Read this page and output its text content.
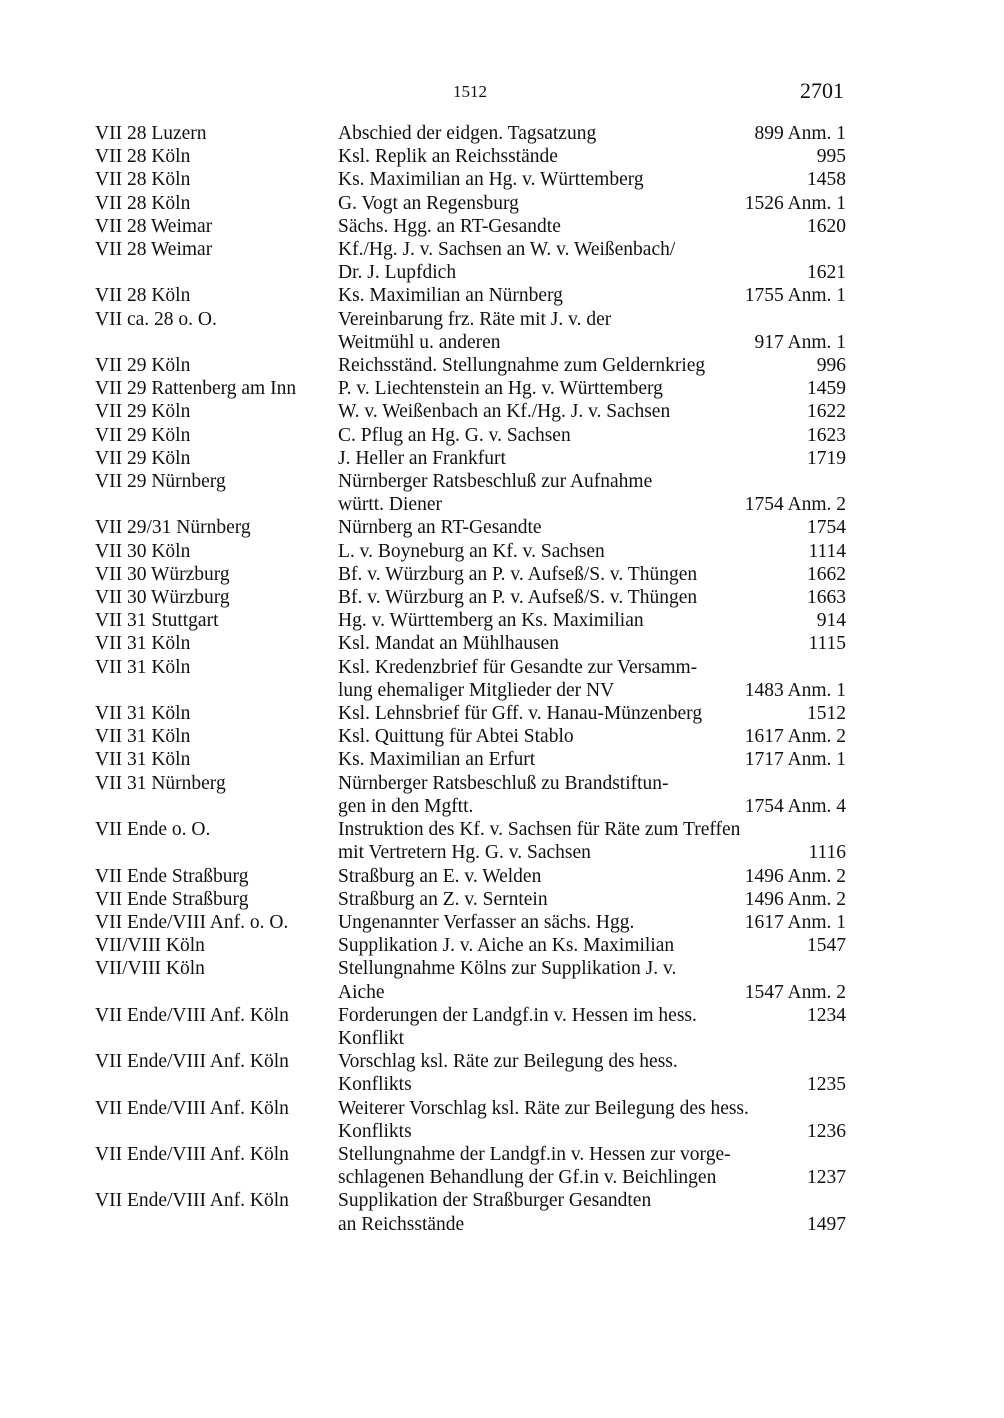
1512	2701
VII 28 Luzern	Abschied der eidgen. Tagsatzung	899 Anm. 1
VII 28 Köln	Ksl. Replik an Reichsstände	995
VII 28 Köln	Ks. Maximilian an Hg. v. Württemberg	1458
VII 28 Köln	G. Vogt an Regensburg	1526 Anm. 1
VII 28 Weimar	Sächs. Hgg. an RT-Gesandte	1620
VII 28 Weimar	Kf./Hg. J. v. Sachsen an W. v. Weißenbach/
Dr. J. Lupfdich	1621
VII 28 Köln	Ks. Maximilian an Nürnberg	1755 Anm. 1
VII ca. 28 o. O.	Vereinbarung frz. Räte mit J. v. der
Weitmühl u. anderen	917 Anm. 1
VII 29 Köln	Reichsständ. Stellungnahme zum Geldernkrieg	996
VII 29 Rattenberg am Inn	P. v. Liechtenstein an Hg. v. Württemberg	1459
VII 29 Köln	W. v. Weißenbach an Kf./Hg. J. v. Sachsen	1622
VII 29 Köln	C. Pflug an Hg. G. v. Sachsen	1623
VII 29 Köln	J. Heller an Frankfurt	1719
VII 29 Nürnberg	Nürnberger Ratsbeschluß zur Aufnahme
württ. Diener	1754 Anm. 2
VII 29/31 Nürnberg	Nürnberg an RT-Gesandte	1754
VII 30 Köln	L. v. Boyneburg an Kf. v. Sachsen	1114
VII 30 Würzburg	Bf. v. Würzburg an P. v. Aufseß/S. v. Thüngen	1662
VII 30 Würzburg	Bf. v. Würzburg an P. v. Aufseß/S. v. Thüngen	1663
VII 31 Stuttgart	Hg. v. Württemberg an Ks. Maximilian	914
VII 31 Köln	Ksl. Mandat an Mühlhausen	1115
VII 31 Köln	Ksl. Kredenzbrief für Gesandte zur Versamm-
lung ehemaliger Mitglieder der NV	1483 Anm. 1
VII 31 Köln	Ksl. Lehnsbrief für Gff. v. Hanau-Münzenberg	1512
VII 31 Köln	Ksl. Quittung für Abtei Stablo	1617 Anm. 2
VII 31 Köln	Ks. Maximilian an Erfurt	1717 Anm. 1
VII 31 Nürnberg	Nürnberger Ratsbeschluß zu Brandstiftun-
gen in den Mgftt.	1754 Anm. 4
VII Ende o. O.	Instruktion des Kf. v. Sachsen für Räte zum Treffen
mit Vertretern Hg. G. v. Sachsen	1116
VII Ende Straßburg	Straßburg an E. v. Welden	1496 Anm. 2
VII Ende Straßburg	Straßburg an Z. v. Serntein	1496 Anm. 2
VII Ende/VIII Anf. o. O.	Ungenannter Verfasser an sächs. Hgg.	1617 Anm. 1
VII/VIII Köln	Supplikation J. v. Aiche an Ks. Maximilian	1547
VII/VIII Köln	Stellungnahme Kölns zur Supplikation J. v.
Aiche	1547 Anm. 2
VII Ende/VIII Anf. Köln	Forderungen der Landgf.in v. Hessen im hess.	1234
Konflikt
VII Ende/VIII Anf. Köln	Vorschlag ksl. Räte zur Beilegung des hess.
Konflikts	1235
VII Ende/VIII Anf. Köln	Weiterer Vorschlag ksl. Räte zur Beilegung des hess.
Konflikts	1236
VII Ende/VIII Anf. Köln	Stellungnahme der Landgf.in v. Hessen zur vorge-
schlagenen Behandlung der Gf.in v. Beichlingen	1237
VII Ende/VIII Anf. Köln	Supplikation der Straßburger Gesandten
an Reichsstände	1497
